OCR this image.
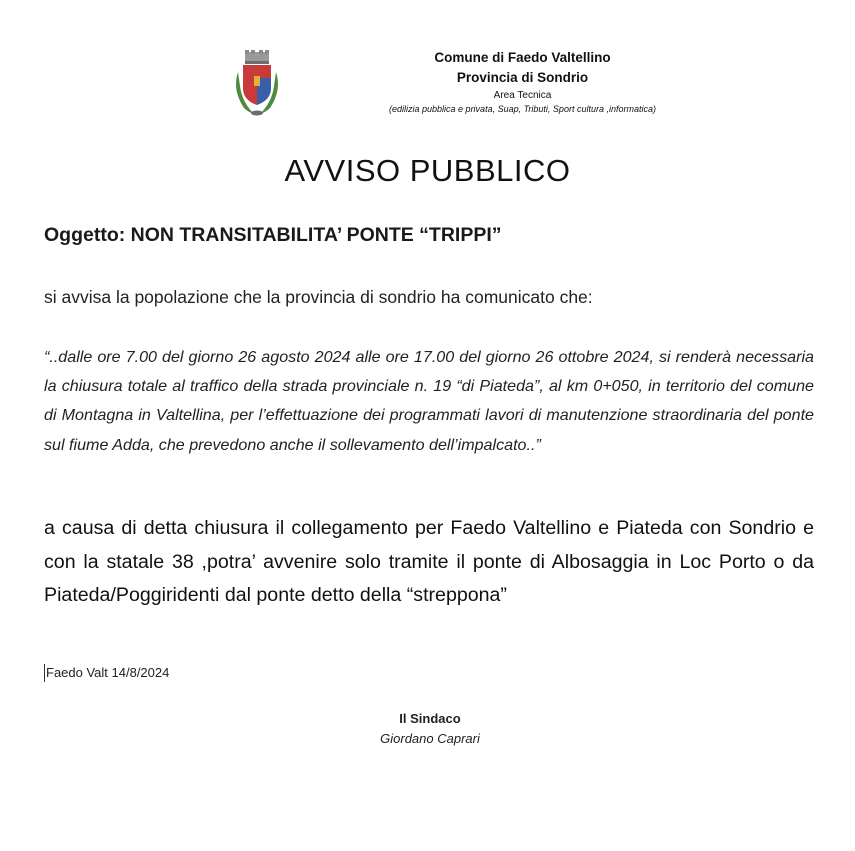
Comune di Faedo Valtellino
Provincia di Sondrio
Area Tecnica
(edilizia pubblica e privata, Suap, Tributi, Sport cultura ,informatica)
AVVISO PUBBLICO
Oggetto: NON TRANSITABILITA’ PONTE “TRIPPI”
si avvisa la popolazione che la provincia di sondrio ha comunicato che:
“..dalle ore 7.00 del giorno 26 agosto 2024 alle ore 17.00 del giorno 26 ottobre 2024, si renderà necessaria la chiusura totale al traffico della strada provinciale n. 19 “di Piateda”, al km 0+050, in territorio del comune di Montagna in Valtellina, per l’effettuazione dei programmati lavori di manutenzione straordinaria del ponte sul fiume Adda, che prevedono anche il sollevamento dell’impalcato..”
a causa di detta chiusura il collegamento per Faedo Valtellino e Piateda con Sondrio e con la statale 38 ,potra’ avvenire solo tramite il ponte di Albosaggia in Loc Porto o da Piateda/Poggiridenti dal ponte detto della “streppona”
Faedo Valt 14/8/2024
Il Sindaco
Giordano Caprari
